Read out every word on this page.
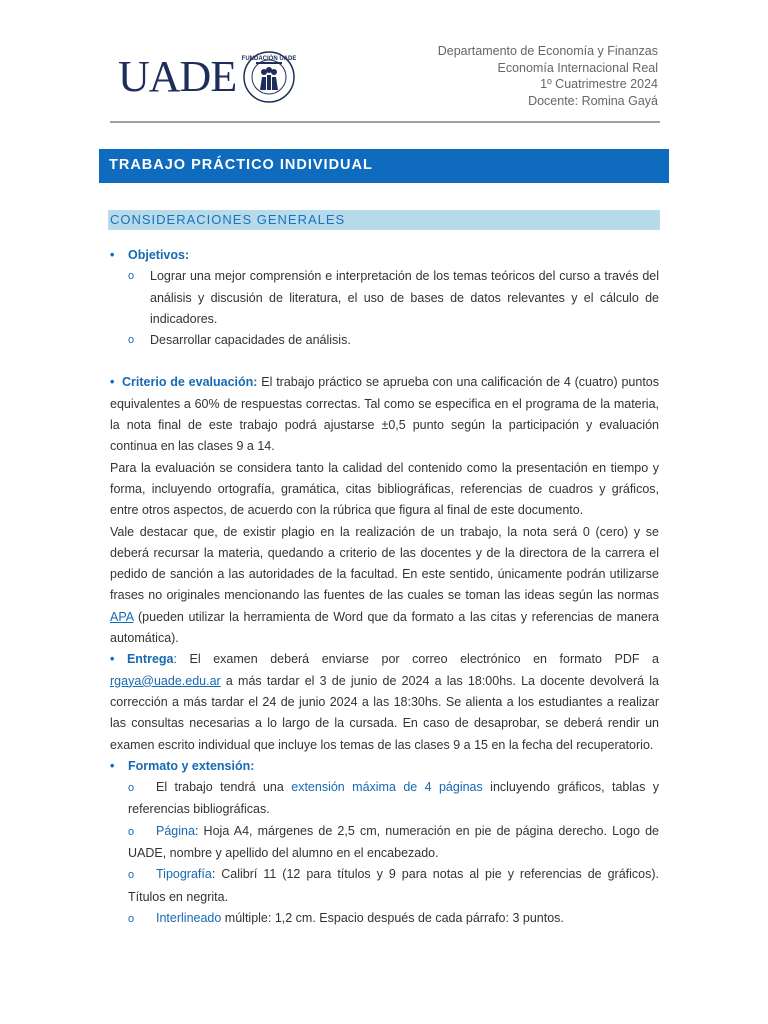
UADE FUNDACIÓN UADE
Departamento de Economía y Finanzas
Economía Internacional Real
1º Cuatrimestre 2024
Docente: Romina Gayá
TRABAJO PRÁCTICO INDIVIDUAL
CONSIDERACIONES GENERALES
• Objetivos:
o Lograr una mejor comprensión e interpretación de los temas teóricos del curso a través del análisis y discusión de literatura, el uso de bases de datos relevantes y el cálculo de indicadores.
o Desarrollar capacidades de análisis.

•  Criterio de evaluación: El trabajo práctico se aprueba con una calificación de 4 (cuatro) puntos equivalentes a 60% de respuestas correctas. Tal como se especifica en el programa de la materia, la nota final de este trabajo podrá ajustarse ±0,5 punto según la participación y evaluación continua en las clases 9 a 14.

Para la evaluación se considera tanto la calidad del contenido como la presentación en tiempo y forma, incluyendo ortografía, gramática, citas bibliográficas, referencias de cuadros y gráficos, entre otros aspectos, de acuerdo con la rúbrica que figura al final de este documento.

Vale destacar que, de existir plagio en la realización de un trabajo, la nota será 0 (cero) y se deberá recursar la materia, quedando a criterio de las docentes y de la directora de la carrera el pedido de sanción a las autoridades de la facultad. En este sentido, únicamente podrán utilizarse frases no originales mencionando las fuentes de las cuales se toman las ideas según las normas APA (pueden utilizar la herramienta de Word que da formato a las citas y referencias de manera automática).

• Entrega: El examen deberá enviarse por correo electrónico en formato PDF a rgaya@uade.edu.ar a más tardar el 3 de junio de 2024 a las 18:00hs. La docente devolverá la corrección a más tardar el 24 de junio 2024 a las 18:30hs. Se alienta a los estudiantes a realizar las consultas necesarias a lo largo de la cursada. En caso de desaprobar, se deberá rendir un examen escrito individual que incluye los temas de las clases 9 a 15 en la fecha del recuperatorio.

• Formato y extensión:
o El trabajo tendrá una extensión máxima de 4 páginas incluyendo gráficos, tablas y referencias bibliográficas.
o Página: Hoja A4, márgenes de 2,5 cm, numeración en pie de página derecho. Logo de UADE, nombre y apellido del alumno en el encabezado.
o Tipografía: Calibrí 11 (12 para títulos y 9 para notas al pie y referencias de gráficos). Títulos en negrita.
o Interlineado múltiple: 1,2 cm. Espacio después de cada párrafo: 3 puntos.
